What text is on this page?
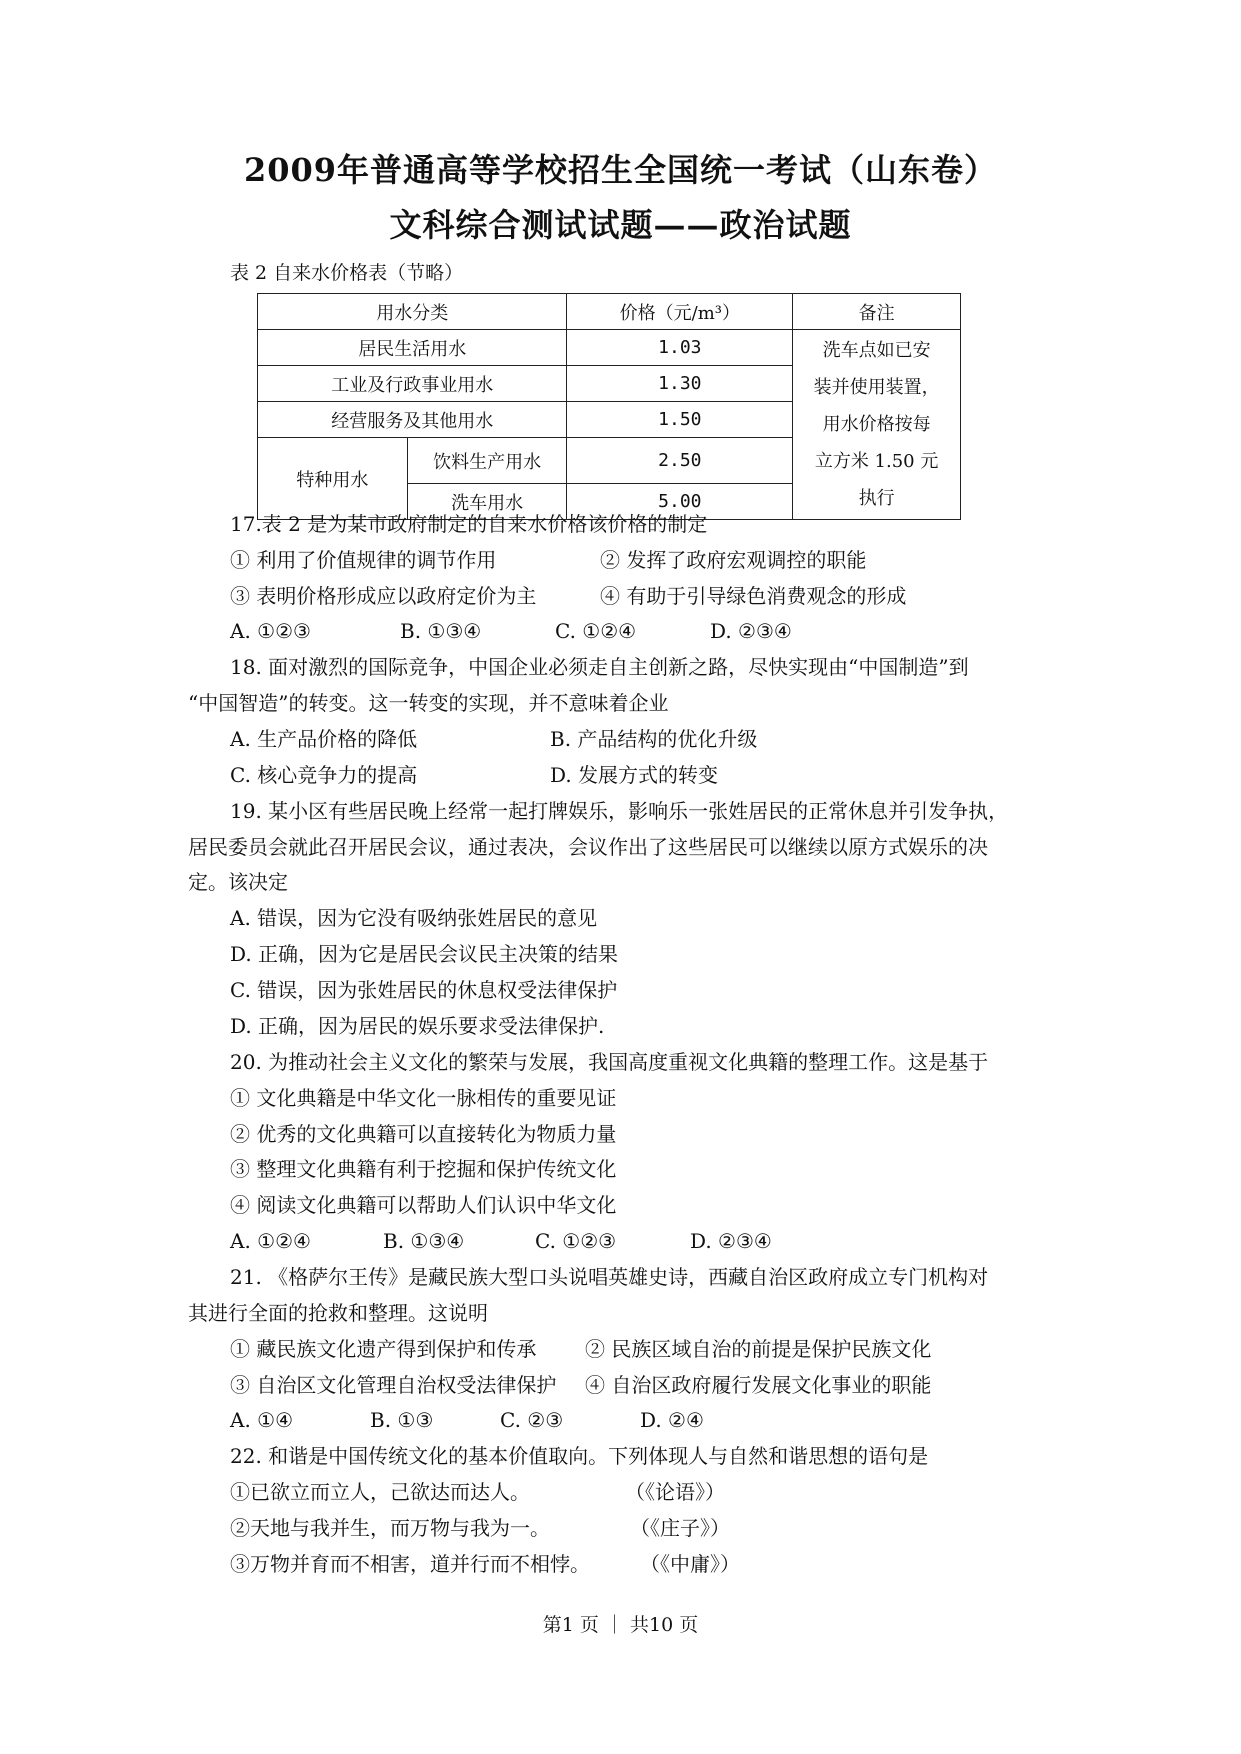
2009年普通高等学校招生全国统一考试（山东卷）
文科综合测试试题——政治试题
表 2 自来水价格表（节略）
用水分类		价格（元/m³）	备注
居民生活用水		1.03	洗车点如已安
装并使用装置，
用水价格按每
立方米 1.50 元
执行

工业及行政事业用水		1.30	
经营服务及其他用水		1.50	
特种用水	饮料生产用水	2.50	
	洗车用水	5.00	
17.表 2 是为某市政府制定的自来水价格该价格的制定
① 利用了价值规律的调节作用	② 发挥了政府宏观调控的职能
③ 表明价格形成应以政府定价为主	④ 有助于引导绿色消费观念的形成
A. ①②③	B. ①③④	C. ①②④	D. ②③④
18. 面对激烈的国际竞争，中国企业必须走自主创新之路，尽快实现由“中国制造”到
“中国智造”的转变。这一转变的实现，并不意味着企业
A. 生产品价格的降低	B. 产品结构的优化升级
C. 核心竞争力的提高	D. 发展方式的转变
19. 某小区有些居民晚上经常一起打牌娱乐，影响乐一张姓居民的正常休息并引发争执，
居民委员会就此召开居民会议，通过表决，会议作出了这些居民可以继续以原方式娱乐的决
定。该决定
A. 错误，因为它没有吸纳张姓居民的意见
D. 正确，因为它是居民会议民主决策的结果
C. 错误，因为张姓居民的休息权受法律保护
D. 正确，因为居民的娱乐要求受法律保护.
20. 为推动社会主义文化的繁荣与发展，我国高度重视文化典籍的整理工作。这是基于
① 文化典籍是中华文化一脉相传的重要见证
② 优秀的文化典籍可以直接转化为物质力量
③ 整理文化典籍有利于挖掘和保护传统文化
④ 阅读文化典籍可以帮助人们认识中华文化
A. ①②④	B. ①③④	C. ①②③	D. ②③④
21. 《格萨尔王传》是藏民族大型口头说唱英雄史诗，西藏自治区政府成立专门机构对
其进行全面的抢救和整理。这说明
① 藏民族文化遗产得到保护和传承 ② 民族区域自治的前提是保护民族文化
③ 自治区文化管理自治权受法律保护 ④ 自治区政府履行发展文化事业的职能
A. ①④	B. ①③	C. ②③	D. ②④
22. 和谐是中国传统文化的基本价值取向。下列体现人与自然和谐思想的语句是
①已欲立而立人，己欲达而达人。	（《论语》）
②天地与我并生，而万物与我为一。	（《庄子》）
③万物并育而不相害，道并行而不相悖。	（《中庸》）
第1 页 ｜ 共10 页
